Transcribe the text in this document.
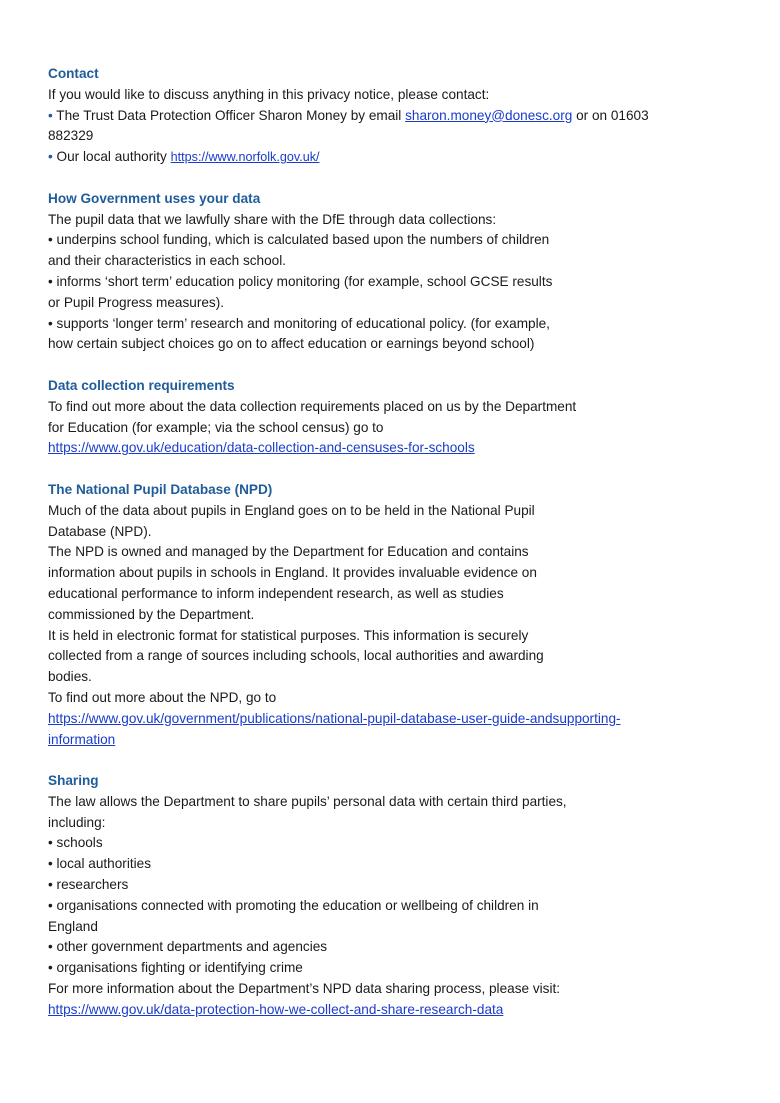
Contact
If you would like to discuss anything in this privacy notice, please contact:
• The Trust Data Protection Officer Sharon Money by email sharon.money@donesc.org or on 01603
882329
• Our local authority https://www.norfolk.gov.uk/
How Government uses your data
The pupil data that we lawfully share with the DfE through data collections:
• underpins school funding, which is calculated based upon the numbers of children
and their characteristics in each school.
• informs ‘short term’ education policy monitoring (for example, school GCSE results
or Pupil Progress measures).
• supports ‘longer term’ research and monitoring of educational policy. (for example,
how certain subject choices go on to affect education or earnings beyond school)
Data collection requirements
To find out more about the data collection requirements placed on us by the Department
for Education (for example; via the school census) go to
https://www.gov.uk/education/data-collection-and-censuses-for-schools
The National Pupil Database (NPD)
Much of the data about pupils in England goes on to be held in the National Pupil
Database (NPD).
The NPD is owned and managed by the Department for Education and contains
information about pupils in schools in England. It provides invaluable evidence on
educational performance to inform independent research, as well as studies
commissioned by the Department.
It is held in electronic format for statistical purposes. This information is securely
collected from a range of sources including schools, local authorities and awarding
bodies.
To find out more about the NPD, go to
https://www.gov.uk/government/publications/national-pupil-database-user-guide-andsupporting-
information
Sharing
The law allows the Department to share pupils’ personal data with certain third parties,
including:
• schools
• local authorities
• researchers
• organisations connected with promoting the education or wellbeing of children in
England
• other government departments and agencies
• organisations fighting or identifying crime
For more information about the Department’s NPD data sharing process, please visit:
https://www.gov.uk/data-protection-how-we-collect-and-share-research-data
